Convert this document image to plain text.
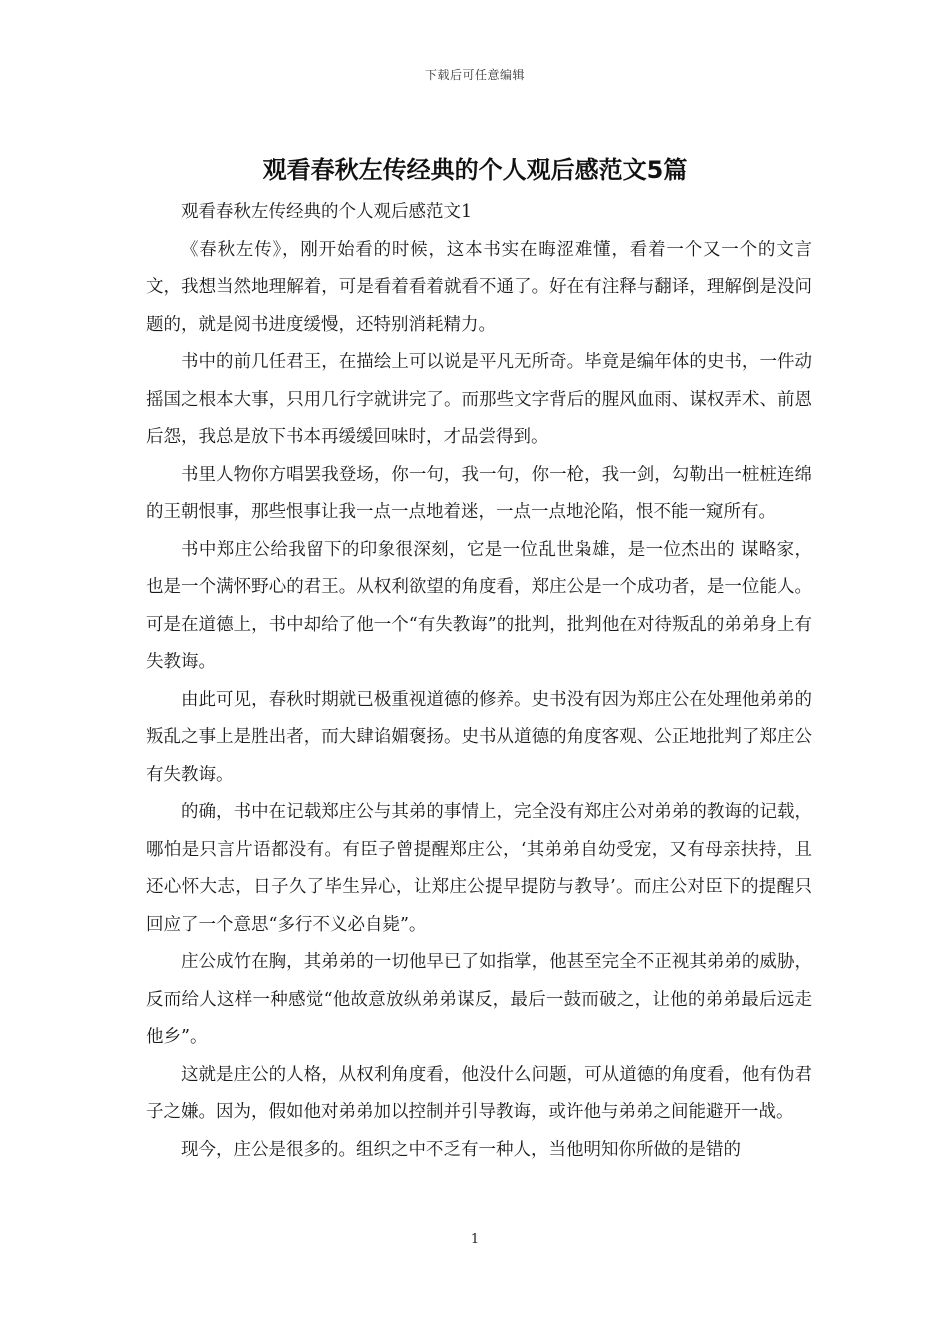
下载后可任意编辑
观看春秋左传经典的个人观后感范文5篇

观看春秋左传经典的个人观后感范文1

《春秋左传》，刚开始看的时候，这本书实在晦涩难懂，看着一个又一个的文言文，我想当然地理解着，可是看着看着就看不通了。好在有注释与翻译，理解倒是没问题的，就是阅书进度缓慢，还特别消耗精力。

书中的前几任君王，在描绘上可以说是平凡无所奇。毕竟是编年体的史书，一件动摇国之根本大事，只用几行字就讲完了。而那些文字背后的腥风血雨、谋权弄术、前恩后怨，我总是放下书本再缓缓回味时，才品尝得到。

书里人物你方唱罢我登场，你一句，我一句，你一枪，我一剑，勾勒出一桩桩连绵的王朝恨事，那些恨事让我一点一点地着迷，一点一点地沦陷，恨不能一窥所有。

书中郑庄公给我留下的印象很深刻，它是一位乱世枭雄，是一位杰出的 谋略家，也是一个满怀野心的君王。从权利欲望的角度看，郑庄公是一个成功者，是一位能人。可是在道德上，书中却给了他一个“有失教诲”的批判，批判他在对待叛乱的弟弟身上有失教诲。

由此可见，春秋时期就已极重视道德的修养。史书没有因为郑庄公在处理他弟弟的叛乱之事上是胜出者，而大肆谄媚褒扬。史书从道德的角度客观、公正地批判了郑庄公有失教诲。

的确，书中在记载郑庄公与其弟的事情上，完全没有郑庄公对弟弟的教诲的记载，哪怕是只言片语都没有。有臣子曾提醒郑庄公，‘其弟弟自幼受宠，又有母亲扶持，且还心怀大志，日子久了毕生异心，让郑庄公提早提防与教导’。而庄公对臣下的提醒只回应了一个意思“多行不义必自毙”。

庄公成竹在胸，其弟弟的一切他早已了如指掌，他甚至完全不正视其弟弟的威胁，反而给人这样一种感觉“他故意放纵弟弟谋反，最后一鼓而破之，让他的弟弟最后远走他乡”。

这就是庄公的人格，从权利角度看，他没什么问题，可从道德的角度看，他有伪君子之嫌。因为，假如他对弟弟加以控制并引导教诲，或许他与弟弟之间能避开一战。

现今，庄公是很多的。组织之中不乏有一种人，当他明知你所做的是错的

1
